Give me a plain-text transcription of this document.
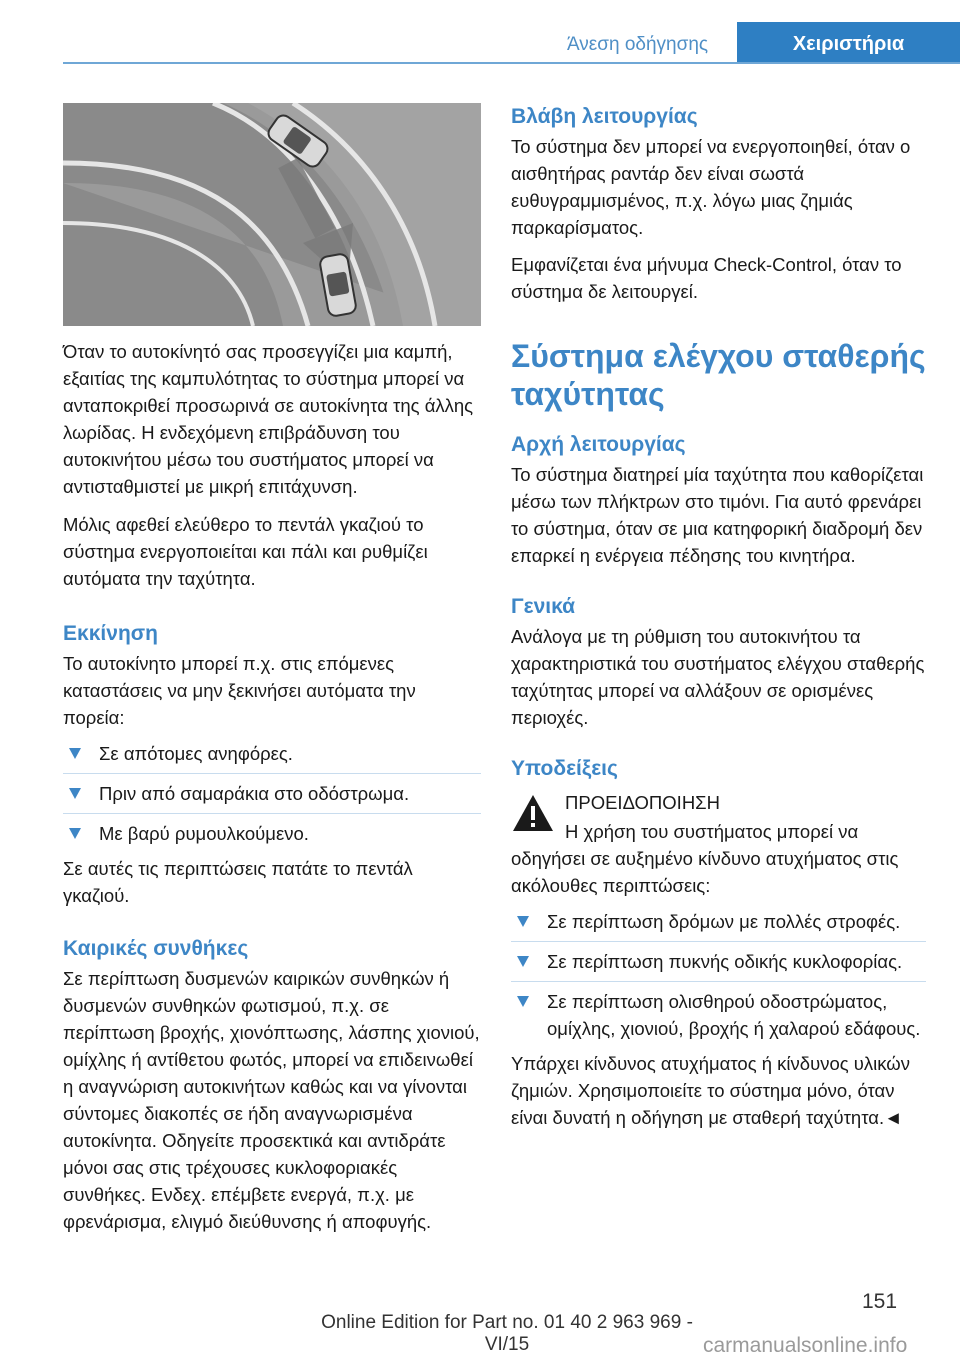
Άνεση οδήγησης	Χειριστήρια

Όταν το αυτοκίνητό σας προσεγγίζει μια καμπή, εξαιτίας της καμπυλότητας το σύστημα μπορεί να ανταποκριθεί προσωρινά σε αυτοκίνητα της άλλης λωρίδας. Η ενδεχόμενη επιβράδυνση του αυτοκινήτου μέσω του συστήματος μπορεί να αντισταθμιστεί με μικρή επιτάχυνση.

Μόλις αφεθεί ελεύθερο το πεντάλ γκαζιού το σύστημα ενεργοποιείται και πάλι και ρυθμίζει αυτόματα την ταχύτητα.

Εκκίνηση

Το αυτοκίνητο μπορεί π.χ. στις επόμενες καταστάσεις να μην ξεκινήσει αυτόματα την πορεία:

Σε απότομες ανηφόρες.
Πριν από σαμαράκια στο οδόστρωμα.
Με βαρύ ρυμουλκούμενο.

Σε αυτές τις περιπτώσεις πατάτε το πεντάλ γκαζιού.

Καιρικές συνθήκες

Σε περίπτωση δυσμενών καιρικών συνθηκών ή δυσμενών συνθηκών φωτισμού, π.χ. σε περίπτωση βροχής, χιονόπτωσης, λάσπης χιονιού, ομίχλης ή αντίθετου φωτός, μπορεί να επιδεινωθεί η αναγνώριση αυτοκινήτων καθώς και να γίνονται σύντομες διακοπές σε ήδη αναγνωρισμένα αυτοκίνητα. Οδηγείτε προσεκτικά και αντιδράτε μόνοι σας στις τρέχουσες κυκλοφοριακές συνθήκες. Ενδεχ. επέμβετε ενεργά, π.χ. με φρενάρισμα, ελιγμό διεύθυνσης ή αποφυγής.

Βλάβη λειτουργίας

Το σύστημα δεν μπορεί να ενεργοποιηθεί, όταν ο αισθητήρας ραντάρ δεν είναι σωστά ευθυγραμμισμένος, π.χ. λόγω μιας ζημιάς παρκαρίσματος.

Εμφανίζεται ένα μήνυμα Check-Control, όταν το σύστημα δε λειτουργεί.

Σύστημα ελέγχου σταθερής ταχύτητας
Αρχή λειτουργίας

Το σύστημα διατηρεί μία ταχύτητα που καθορίζεται μέσω των πλήκτρων στο τιμόνι. Για αυτό φρενάρει το σύστημα, όταν σε μια κατηφορική διαδρομή δεν επαρκεί η ενέργεια πέδησης του κινητήρα.

Γενικά

Ανάλογα με τη ρύθμιση του αυτοκινήτου τα χαρακτηριστικά του συστήματος ελέγχου σταθερής ταχύτητας μπορεί να αλλάξουν σε ορισμένες περιοχές.

Υποδείξεις

ΠΡΟΕΙΔΟΠΟΙΗΣΗ

Η χρήση του συστήματος μπορεί να οδηγήσει σε αυξημένο κίνδυνο ατυχήματος στις ακόλουθες περιπτώσεις:

Σε περίπτωση δρόμων με πολλές στροφές.
Σε περίπτωση πυκνής οδικής κυκλοφορίας.
Σε περίπτωση ολισθηρού οδοστρώματος, ομίχλης, χιονιού, βροχής ή χαλαρού εδάφους.

Υπάρχει κίνδυνος ατυχήματος ή κίνδυνος υλικών ζημιών. Χρησιμοποιείτε το σύστημα μόνο, όταν είναι δυνατή η οδήγηση με σταθερή ταχύτητα.◄

151
Online Edition for Part no. 01 40 2 963 969 - VI/15	carmanualsonline.info
